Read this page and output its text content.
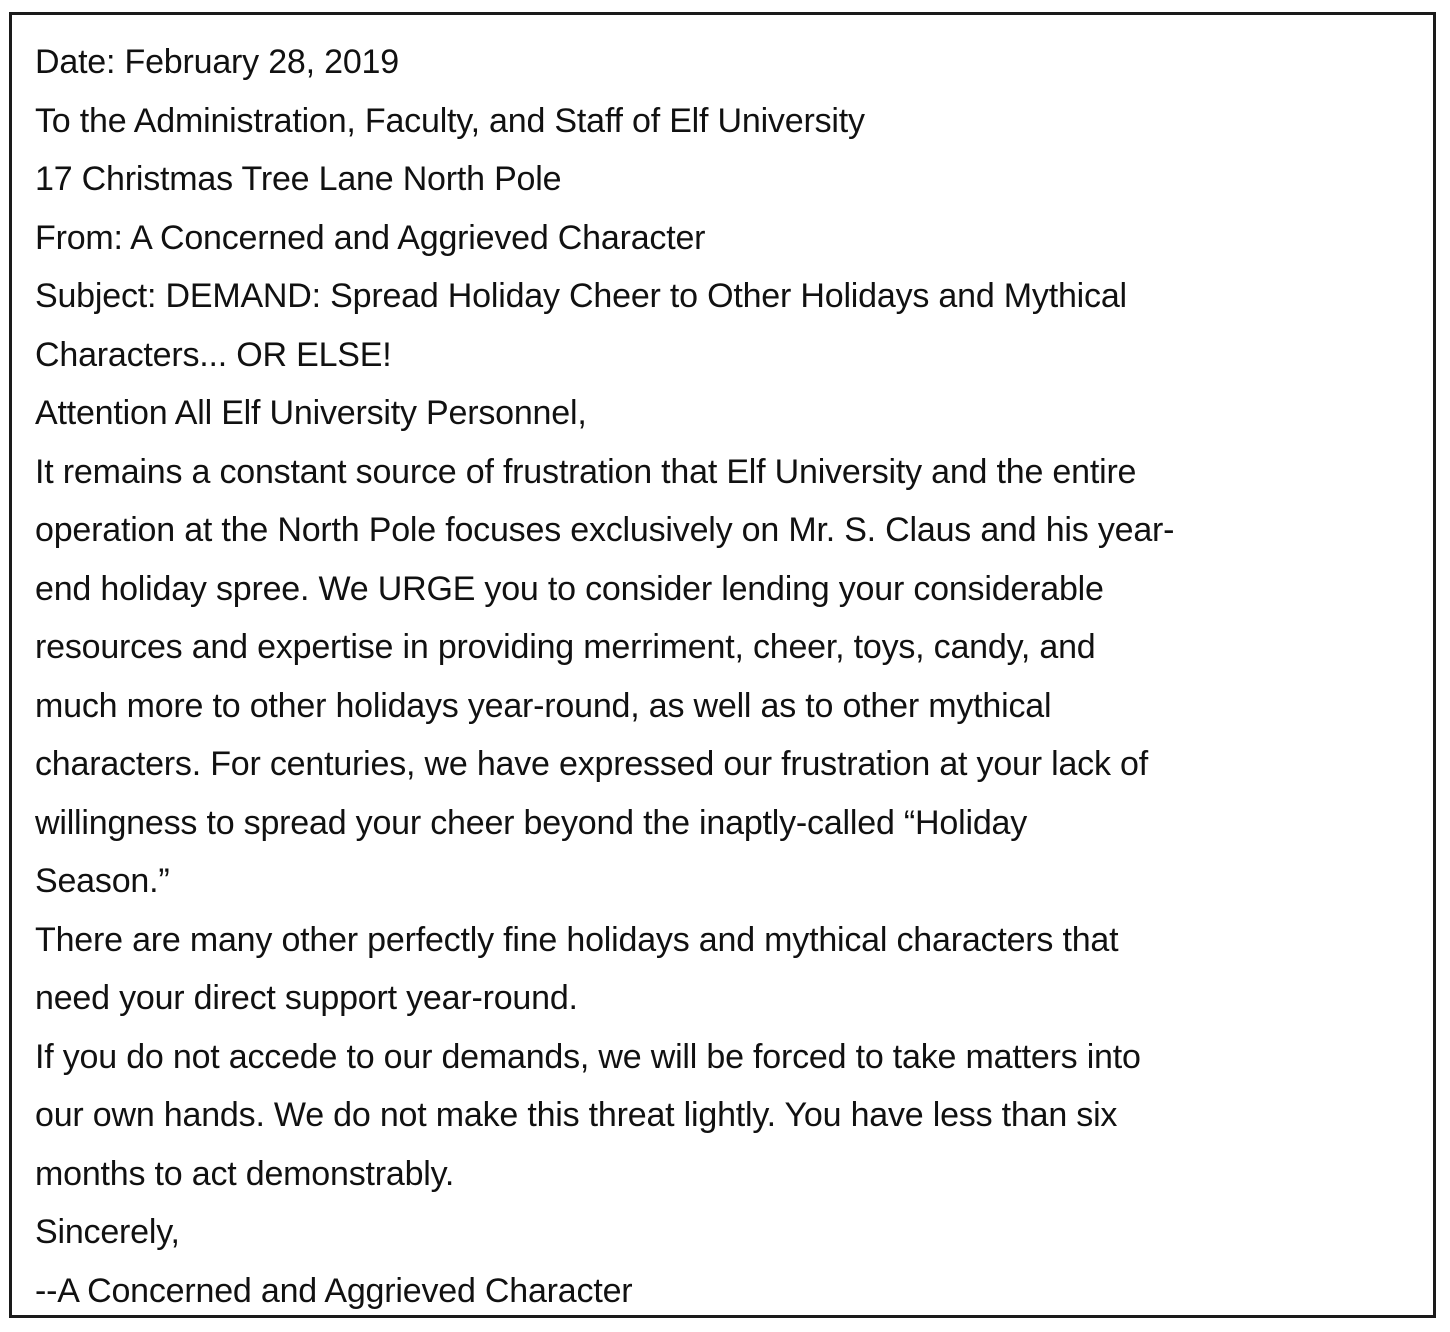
Date: February 28, 2019
To the Administration, Faculty, and Staff of Elf University
17 Christmas Tree Lane North Pole
From: A Concerned and Aggrieved Character
Subject: DEMAND: Spread Holiday Cheer to Other Holidays and Mythical
Characters... OR ELSE!
Attention All Elf University Personnel,
It remains a constant source of frustration that Elf University and the entire
operation at the North Pole focuses exclusively on Mr. S. Claus and his year-
end holiday spree. We URGE you to consider lending your considerable
resources and expertise in providing merriment, cheer, toys, candy, and
much more to other holidays year-round, as well as to other mythical
characters. For centuries, we have expressed our frustration at your lack of
willingness to spread your cheer beyond the inaptly-called “Holiday
Season.”
There are many other perfectly fine holidays and mythical characters that
need your direct support year-round.
If you do not accede to our demands, we will be forced to take matters into
our own hands. We do not make this threat lightly. You have less than six
months to act demonstrably.
Sincerely,
--A Concerned and Aggrieved Character
